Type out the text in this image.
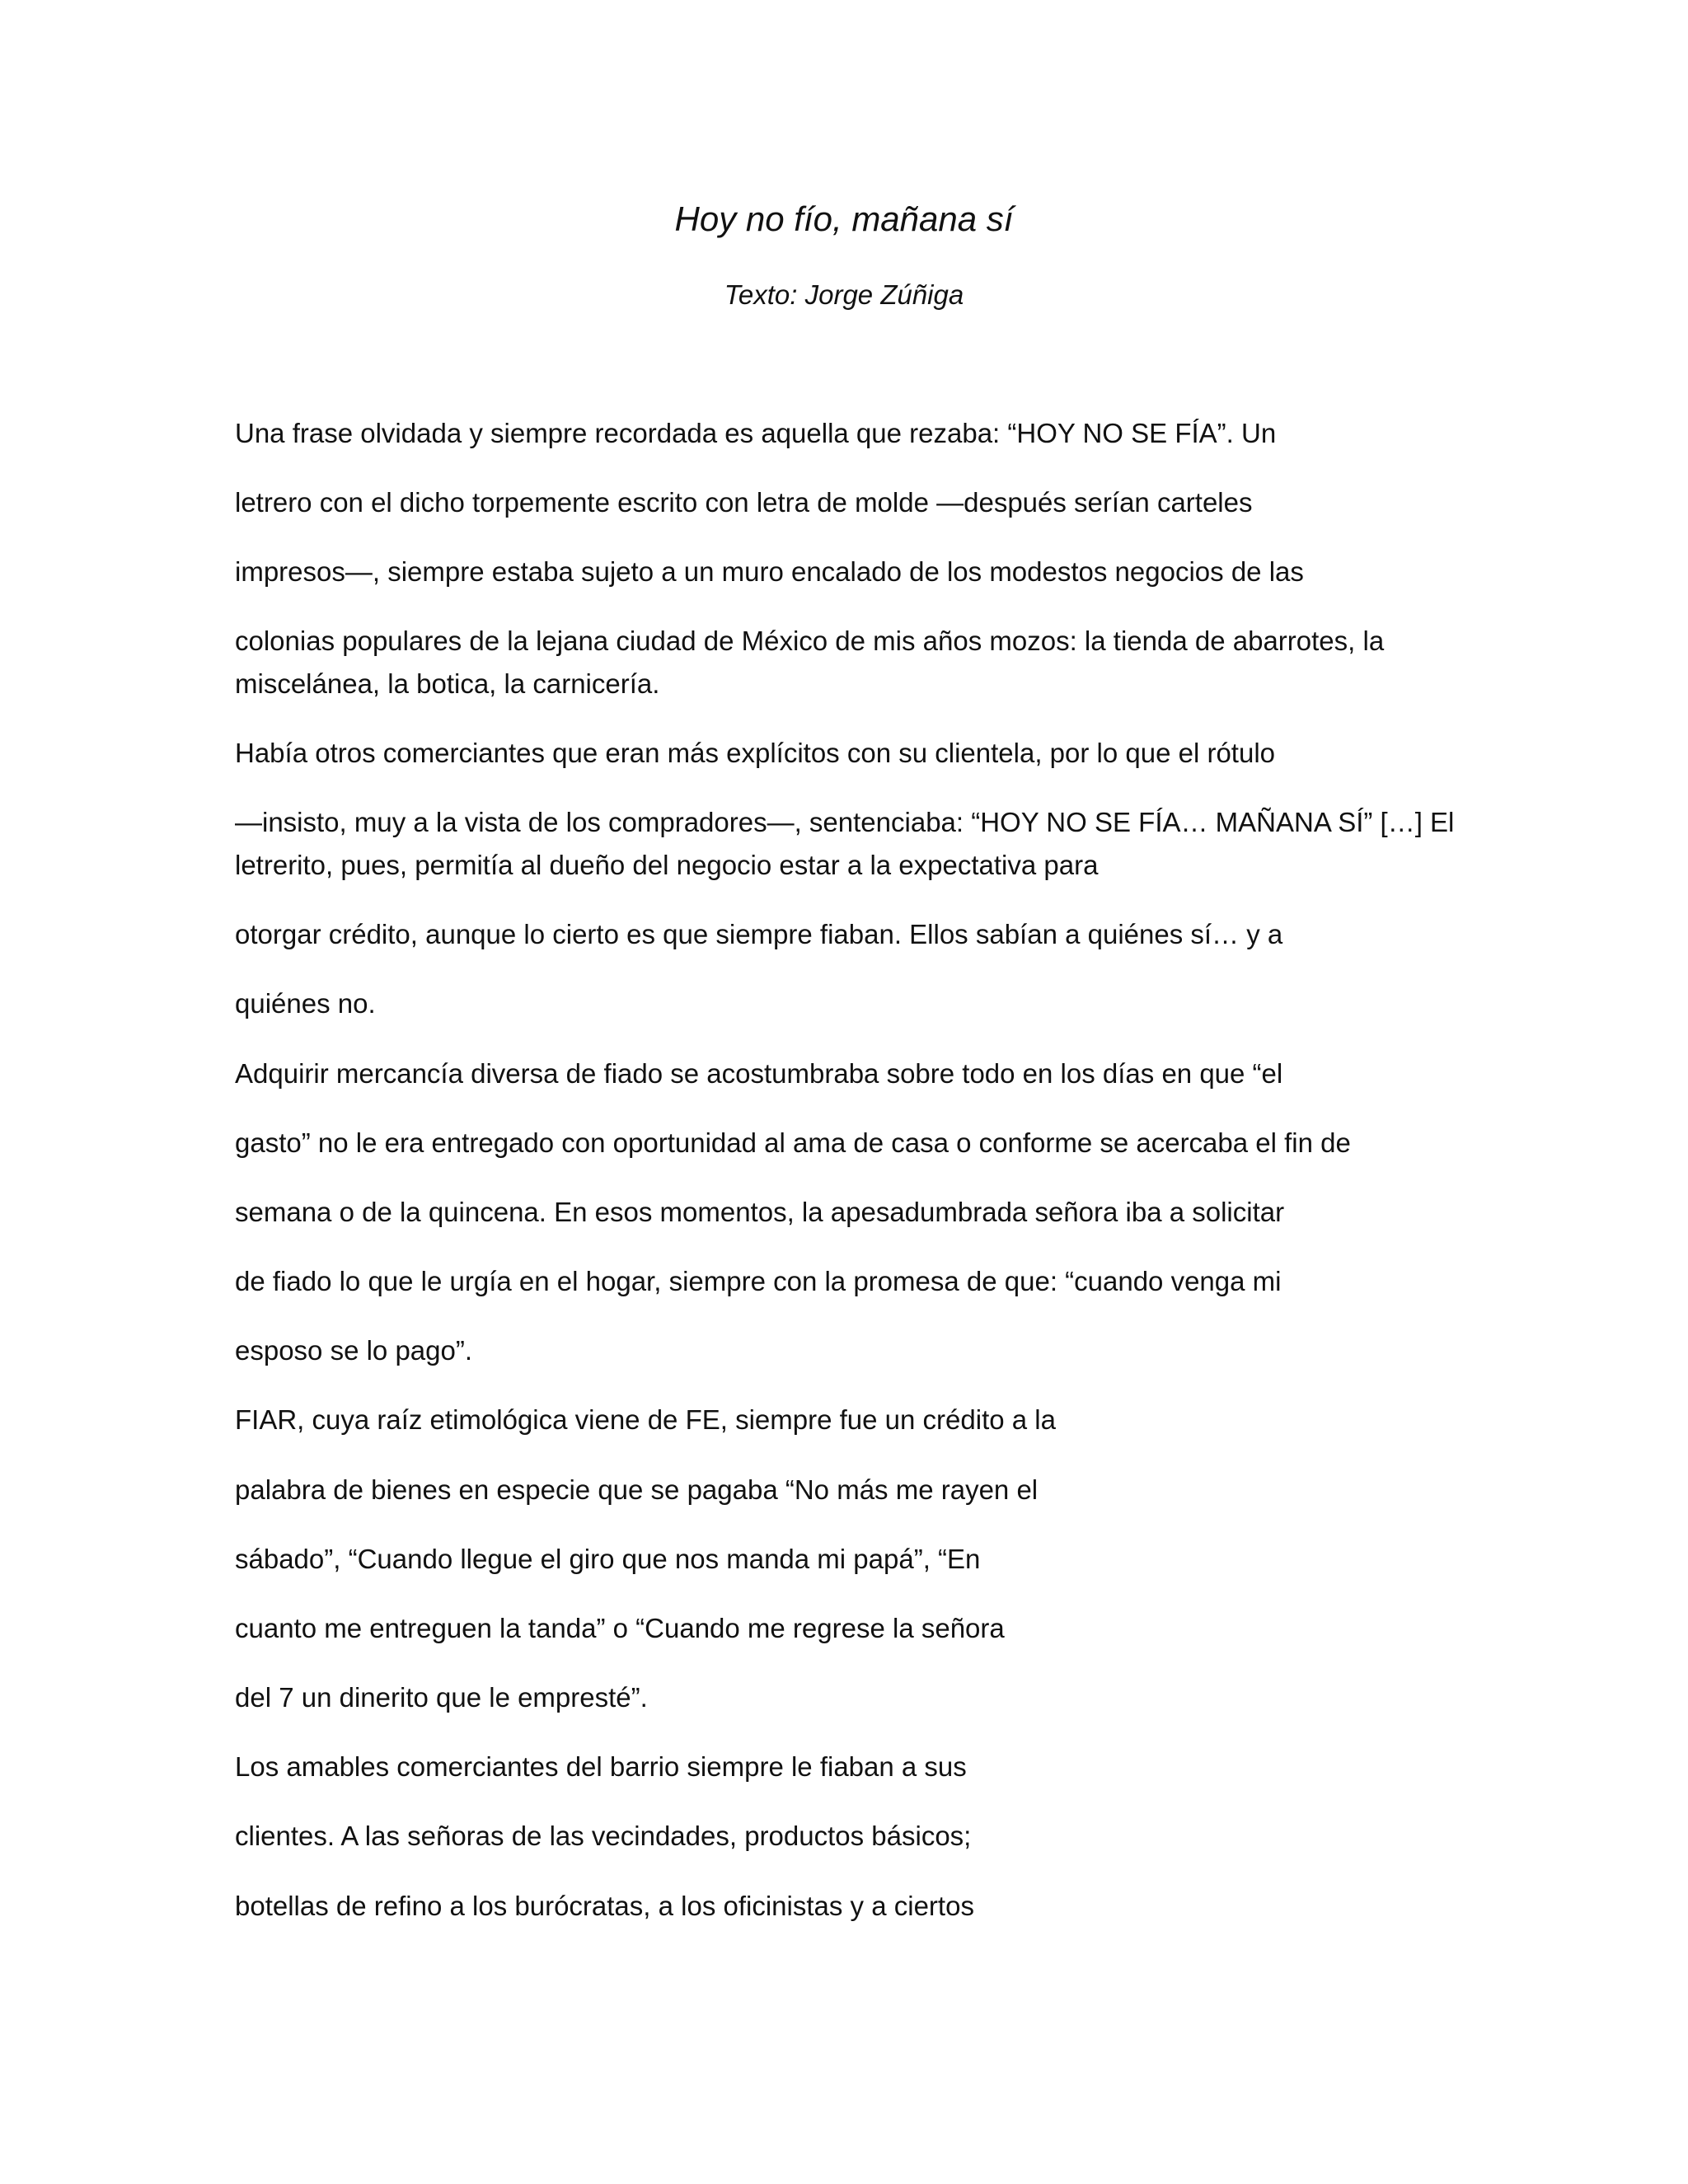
Hoy no fío, mañana sí

Texto: Jorge Zúñiga

Una frase olvidada y siempre recordada es aquella que rezaba: “HOY NO SE FÍA”. Un

letrero con el dicho torpemente escrito con letra de molde —después serían carteles

impresos—, siempre estaba sujeto a un muro encalado de los modestos negocios de las

colonias populares de la lejana ciudad de México de mis años mozos: la tienda de abarrotes, la

miscelánea, la botica, la carnicería.

Había otros comerciantes que eran más explícitos con su clientela, por lo que el rótulo

—insisto, muy a la vista de los compradores—, sentenciaba: “HOY NO SE FÍA… MAÑANA SÍ” […] El

letrerito, pues, permitía al dueño del negocio estar a la expectativa para

otorgar crédito, aunque lo cierto es que siempre fiaban. Ellos sabían a quiénes sí… y a

quiénes no.

Adquirir mercancía diversa de fiado se acostumbraba sobre todo en los días en que “el

gasto” no le era entregado con oportunidad al ama de casa o conforme se acercaba el fin de

semana o de la quincena. En esos momentos, la apesadumbrada señora iba a solicitar

de fiado lo que le urgía en el hogar, siempre con la promesa de que: “cuando venga mi

esposo se lo pago”.

FIAR, cuya raíz etimológica viene de FE, siempre fue un crédito a la

palabra de bienes en especie que se pagaba “No más me rayen el

sábado”, “Cuando llegue el giro que nos manda mi papá”, “En

cuanto me entreguen la tanda” o “Cuando me regrese la señora

del 7 un dinerito que le empresté”.

Los amables comerciantes del barrio siempre le fiaban a sus

clientes. A las señoras de las vecindades, productos básicos;

botellas de refino a los burócratas, a los oficinistas y a ciertos
